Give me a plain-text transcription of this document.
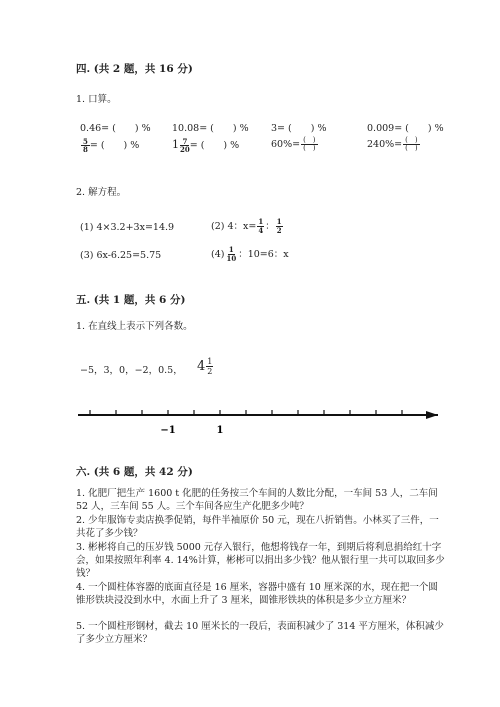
四. (共 2 题，共 16 分)
1. 口算。
0.46= (　　) % 10.08= (　　) % 3= (　　) %	0.009= (　　) %
$\frac{5}{8}$ = (　　) %	$1 \frac{7}{20}$ = (　　) %	$60\%= \frac{( )}{( )}$	$240\%= \frac{( )}{( )}$
2. 解方程。
(1) 4×3.2+3x=14.9	(2) 4：$x= \frac{1}{4}$ ： $\frac{1}{2}$
(3) 6x-6.25=5.75	$(4) \frac{1}{10}$ ：10=6：x
五. (共 1 题，共 6 分)
1. 在直线上表示下列各数。
−5，3，0，−2，0.5， $4 \frac{1}{2}$
−1	1
六. (共 6 题，共 42 分)
1. 化肥厂把生产 1600 t 化肥的任务按三个车间的人数比分配，一车间 53 人，二车间 52 人，三车间 55 人。三个车间各应生产化肥多少吨？
2. 少年服饰专卖店换季促销，每件半袖原价 50 元，现在八折销售。小林买了三件，一共花了多少钱？
3. 彬彬将自己的压岁钱 5000 元存入银行，他想将钱存一年，到期后将利息捐给红十字会，如果按照年利率 4. 14%计算，彬彬可以捐出多少钱？他从银行里一共可以取回多少钱？
4. 一个圆柱体容器的底面直径是 16 厘米，容器中盛有 10 厘米深的水，现在把一个圆锥形铁块浸没到水中，水面上升了 3 厘米，圆锥形铁块的体积是多少立方厘米？
5. 一个圆柱形钢材，截去 10 厘米长的一段后，表面积减少了 314 平方厘米，体积减少了多少立方厘米？
